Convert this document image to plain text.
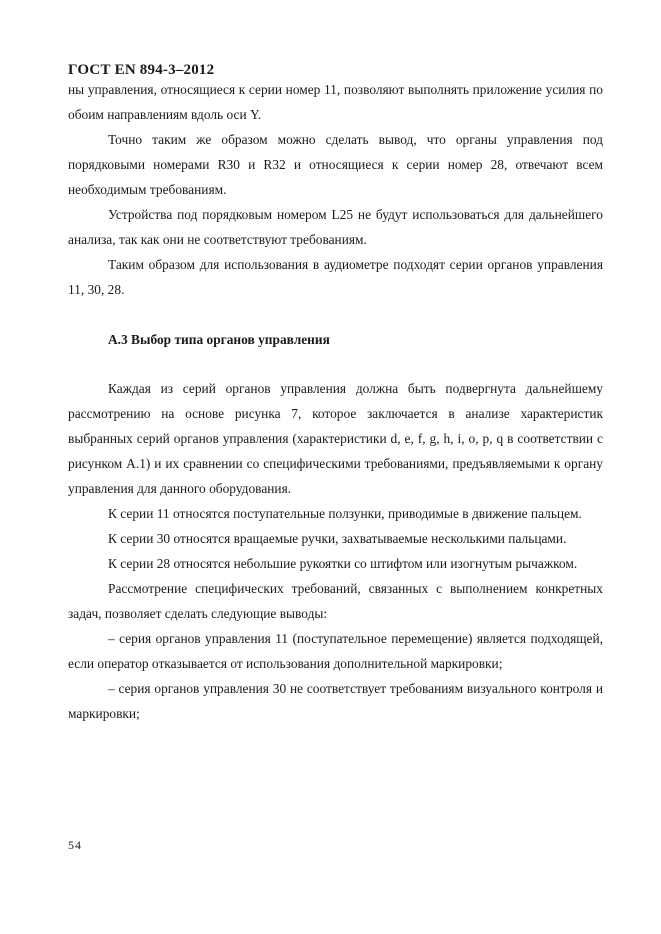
ГОСТ EN 894-3–2012

ны управления, относящиеся к серии номер 11, позволяют выполнять приложение усилия по обоим направлениям вдоль оси Y.

Точно таким же образом можно сделать вывод, что органы управления под порядковыми номерами R30 и R32 и относящиеся к серии номер 28, отвечают всем необходимым требованиям.

Устройства под порядковым номером L25 не будут использоваться для дальнейшего анализа, так как они не соответствуют требованиям.

Таким образом для использования в аудиометре подходят серии органов управления 11, 30, 28.

А.3 Выбор типа органов управления

Каждая из серий органов управления должна быть подвергнута дальнейшему рассмотрению на основе рисунка 7, которое заключается в анализе характеристик выбранных серий органов управления (характеристики d, e, f, g, h, i, o, p, q в соответствии с рисунком А.1) и их сравнении со специфическими требованиями, предъявляемыми к органу управления для данного оборудования.

К серии 11 относятся поступательные ползунки, приводимые в движение пальцем.

К серии 30 относятся вращаемые ручки, захватываемые несколькими пальцами.

К серии 28 относятся небольшие рукоятки со штифтом или изогнутым рычажком.

Рассмотрение специфических требований, связанных с выполнением конкретных задач, позволяет сделать следующие выводы:

– серия органов управления 11 (поступательное перемещение) является подходящей, если оператор отказывается от использования дополнительной маркировки;

– серия органов управления 30 не соответствует требованиям визуального контроля и маркировки;

54
